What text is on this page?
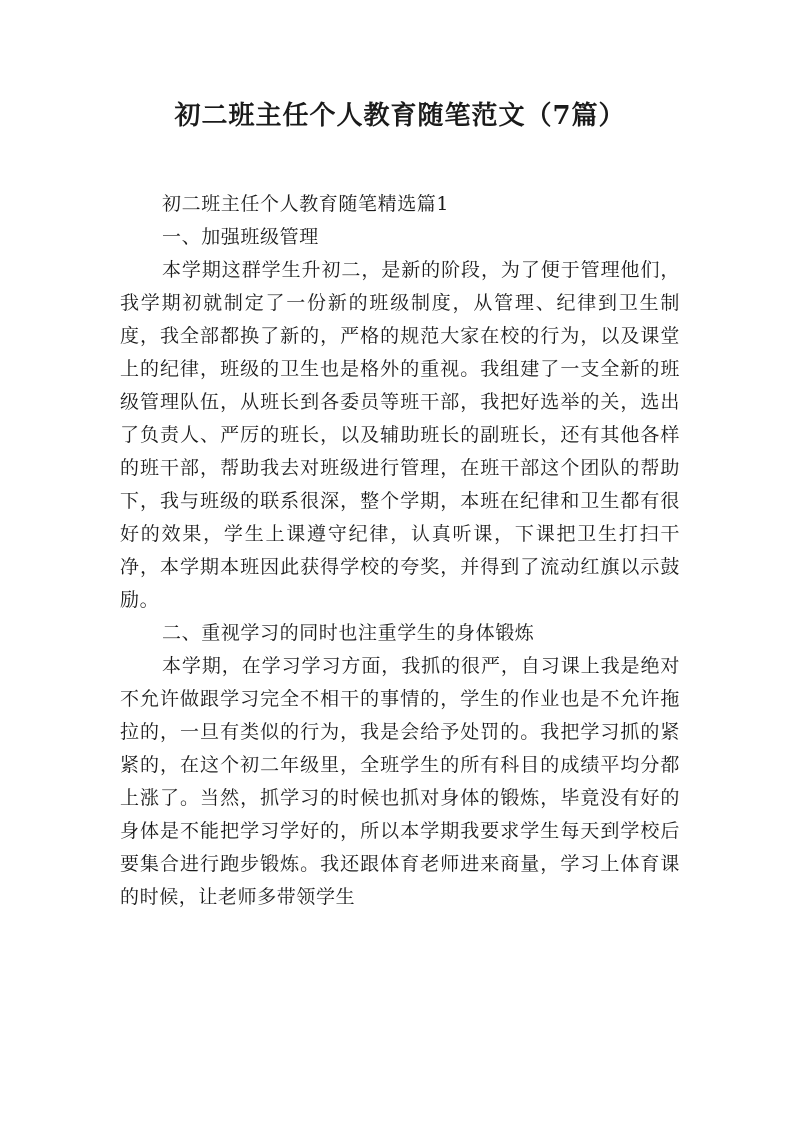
初二班主任个人教育随笔范文（7篇）

初二班主任个人教育随笔精选篇1

一、加强班级管理

本学期这群学生升初二，是新的阶段，为了便于管理他们，我学期初就制定了一份新的班级制度，从管理、纪律到卫生制度，我全部都换了新的，严格的规范大家在校的行为，以及课堂上的纪律，班级的卫生也是格外的重视。我组建了一支全新的班级管理队伍，从班长到各委员等班干部，我把好选举的关，选出了负责人、严厉的班长，以及辅助班长的副班长，还有其他各样的班干部，帮助我去对班级进行管理，在班干部这个团队的帮助下，我与班级的联系很深，整个学期，本班在纪律和卫生都有很好的效果，学生上课遵守纪律，认真听课，下课把卫生打扫干净，本学期本班因此获得学校的夸奖，并得到了流动红旗以示鼓励。

二、重视学习的同时也注重学生的身体锻炼

本学期，在学习学习方面，我抓的很严，自习课上我是绝对不允许做跟学习完全不相干的事情的，学生的作业也是不允许拖拉的，一旦有类似的行为，我是会给予处罚的。我把学习抓的紧紧的，在这个初二年级里，全班学生的所有科目的成绩平均分都上涨了。当然，抓学习的时候也抓对身体的锻炼，毕竟没有好的身体是不能把学习学好的，所以本学期我要求学生每天到学校后要集合进行跑步锻炼。我还跟体育老师进来商量，学习上体育课的时候，让老师多带领学生
